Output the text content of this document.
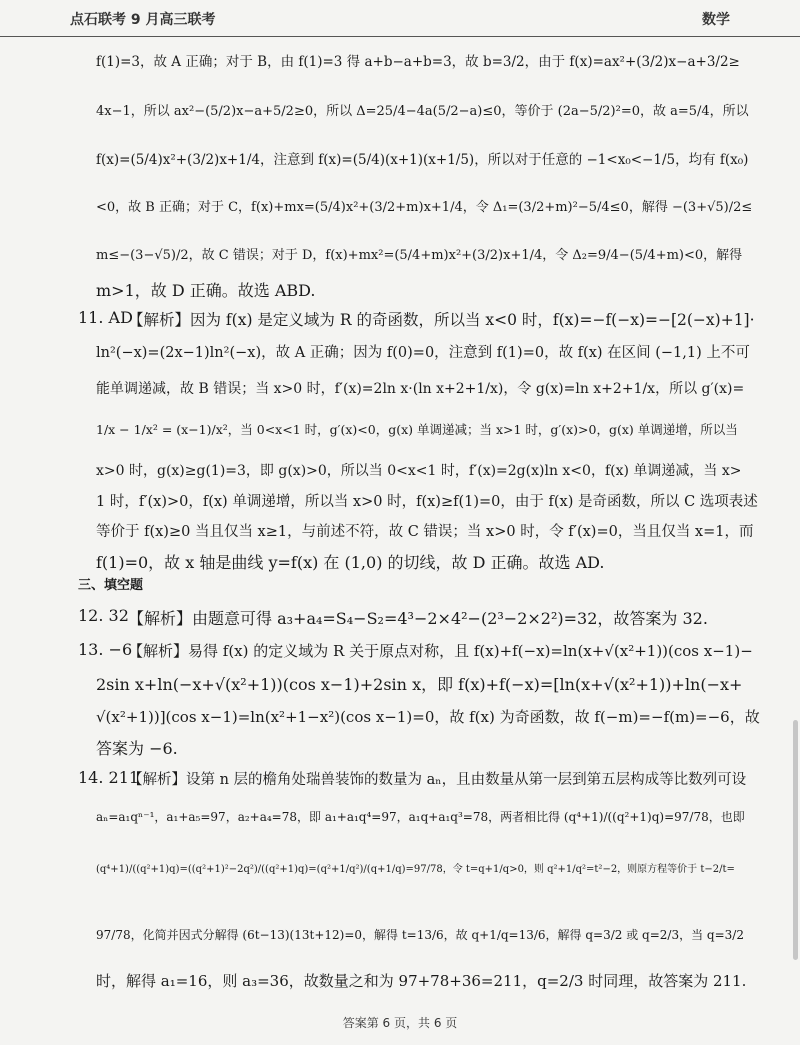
点石联考 9 月高三联考	数学
f(1)=3，故 A 正确；对于 B，由 f(1)=3 得 a+b−a+b=3，故 b=3/2，由于 f(x)=ax²+(3/2)x−a+3/2≥
4x−1，所以 ax²−(5/2)x−a+5/2≥0，所以 Δ=25/4−4a(5/2−a)≤0，等价于 (2a−5/2)²=0，故 a=5/4，所以
f(x)=(5/4)x²+(3/2)x+1/4，注意到 f(x)=(5/4)(x+1)(x+1/5)，所以对于任意的 −1<x₀<−1/5，均有 f(x₀)
<0，故 B 正确；对于 C，f(x)+mx=(5/4)x²+(3/2+m)x+1/4，令 Δ₁=(3/2+m)²−5/4≤0，解得 −(3+√5)/2≤
m≤−(3−√5)/2，故 C 错误；对于 D，f(x)+mx²=(5/4+m)x²+(3/2)x+1/4，令 Δ₂=9/4−(5/4+m)<0，解得
m>1，故 D 正确。故选 ABD.
11. AD
【解析】因为 f(x) 是定义域为 R 的奇函数，所以当 x<0 时，f(x)=−f(−x)=−[2(−x)+1]·
ln²(−x)=(2x−1)ln²(−x)，故 A 正确；因为 f(0)=0，注意到 f(1)=0，故 f(x) 在区间 (−1,1) 上不可
能单调递减，故 B 错误；当 x>0 时，f′(x)=2ln x·(ln x+2+1/x)，令 g(x)=ln x+2+1/x，所以 g′(x)=
1/x − 1/x² = (x−1)/x²，当 0<x<1 时，g′(x)<0，g(x) 单调递减；当 x>1 时，g′(x)>0，g(x) 单调递增，所以当
x>0 时，g(x)≥g(1)=3，即 g(x)>0，所以当 0<x<1 时，f′(x)=2g(x)ln x<0，f(x) 单调递减，当 x>
1 时，f′(x)>0，f(x) 单调递增，所以当 x>0 时，f(x)≥f(1)=0，由于 f(x) 是奇函数，所以 C 选项表述
等价于 f(x)≥0 当且仅当 x≥1，与前述不符，故 C 错误；当 x>0 时，令 f′(x)=0，当且仅当 x=1，而
f(1)=0，故 x 轴是曲线 y=f(x) 在 (1,0) 的切线，故 D 正确。故选 AD.
三、填空题
12. 32 【解析】由题意可得 a₃+a₄=S₄−S₂=4³−2×4²−(2³−2×2²)=32，故答案为 32.
13. −6
【解析】易得 f(x) 的定义域为 R 关于原点对称，且 f(x)+f(−x)=ln(x+√(x²+1))(cos x−1)−
2sin x+ln(−x+√(x²+1))(cos x−1)+2sin x，即 f(x)+f(−x)=[ln(x+√(x²+1))+ln(−x+
√(x²+1))](cos x−1)=ln(x²+1−x²)(cos x−1)=0，故 f(x) 为奇函数，故 f(−m)=−f(m)=−6，故
答案为 −6.
14. 211
【解析】设第 n 层的檐角处瑞兽装饰的数量为 aₙ，且由数量从第一层到第五层构成等比数列可设
aₙ=a₁qⁿ⁻¹，a₁+a₅=97，a₂+a₄=78，即 a₁+a₁q⁴=97，a₁q+a₁q³=78，两者相比得 (q⁴+1)/((q²+1)q)=97/78，也即
(q⁴+1)/((q²+1)q)=((q²+1)²−2q²)/((q²+1)q)=(q²+1/q²)/(q+1/q)=97/78，令 t=q+1/q>0，则 q²+1/q²=t²−2，则原方程等价于 t−2/t=
97/78，化简并因式分解得 (6t−13)(13t+12)=0，解得 t=13/6，故 q+1/q=13/6，解得 q=3/2 或 q=2/3，当 q=3/2
时，解得 a₁=16，则 a₃=36，故数量之和为 97+78+36=211，q=2/3 时同理，故答案为 211.
答案第 6 页，共 6 页
